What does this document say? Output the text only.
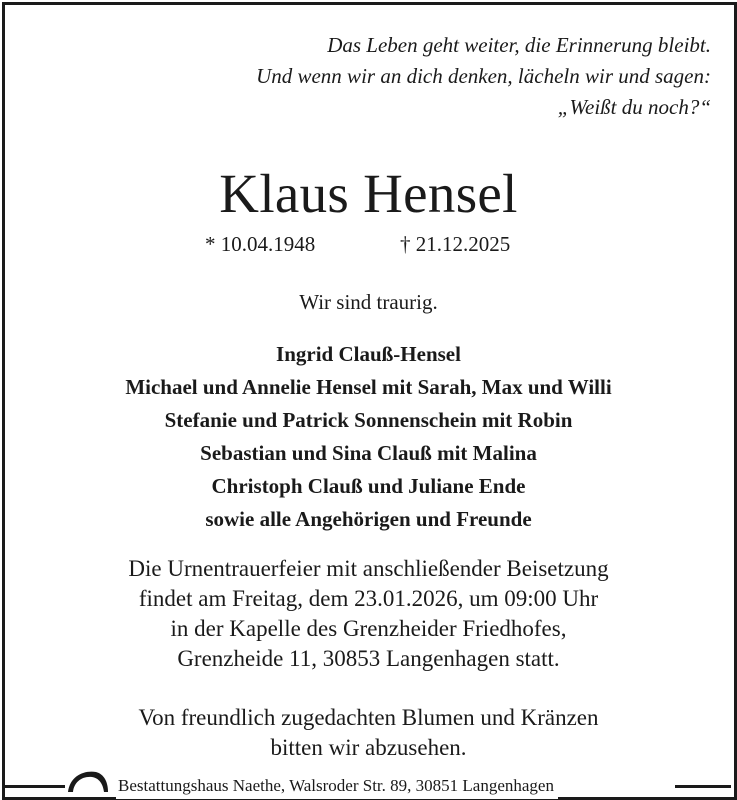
Das Leben geht weiter, die Erinnerung bleibt.
Und wenn wir an dich denken, lächeln wir und sagen:
„Weißt du noch?“
Klaus Hensel
* 10.04.1948	† 21.12.2025
Wir sind traurig.
Ingrid Clauß-Hensel
Michael und Annelie Hensel mit Sarah, Max und Willi
Stefanie und Patrick Sonnenschein mit Robin
Sebastian und Sina Clauß mit Malina
Christoph Clauß und Juliane Ende
sowie alle Angehörigen und Freunde
Die Urnentrauerfeier mit anschließender Beisetzung
findet am Freitag, dem 23.01.2026, um 09:00 Uhr
in der Kapelle des Grenzheider Friedhofes,
Grenzheide 11, 30853 Langenhagen statt.
Von freundlich zugedachten Blumen und Kränzen
bitten wir abzusehen.
Bestattungshaus Naethe, Walsroder Str. 89, 30851 Langenhagen
